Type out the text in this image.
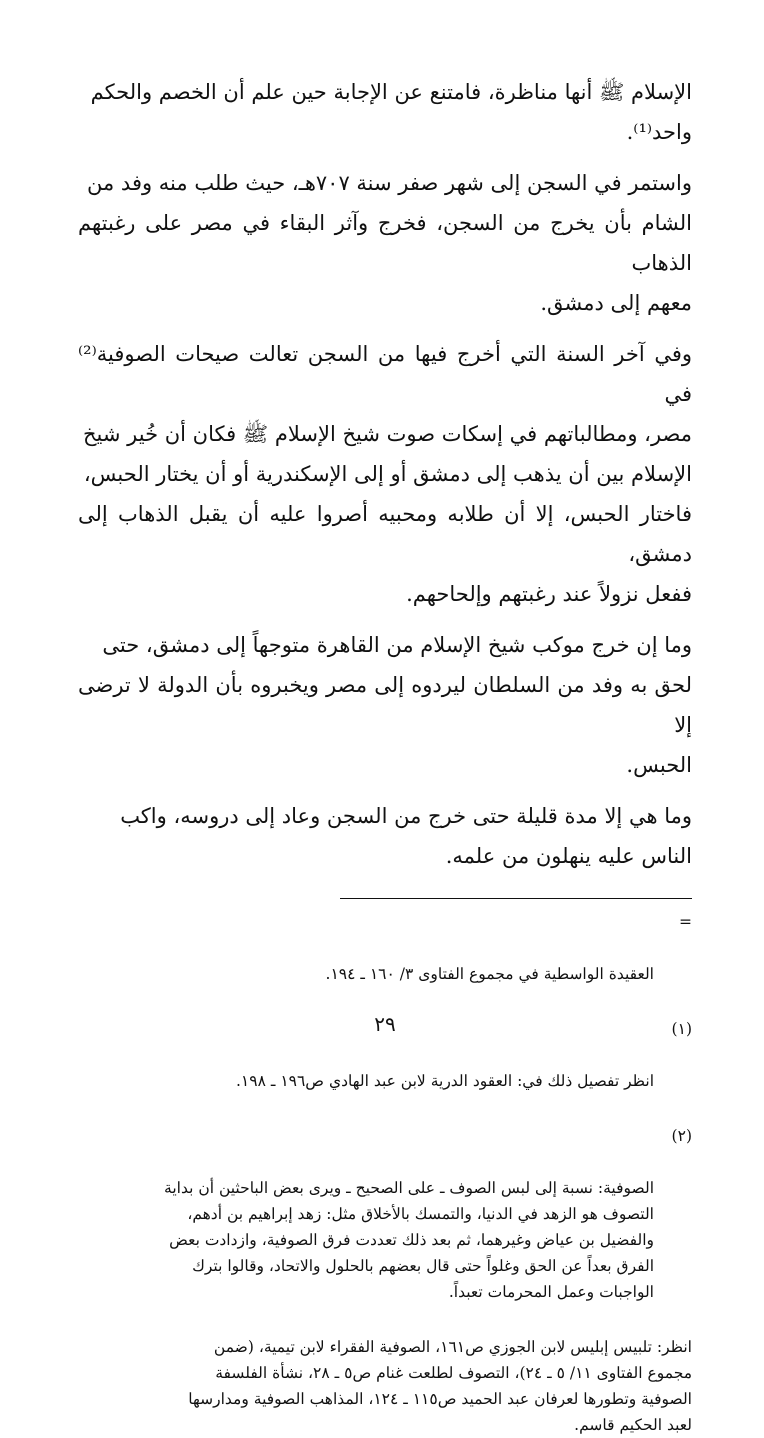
الإسلام ﷺ أنها مناظرة، فامتنع عن الإجابة حين علم أن الخصم والحكم
واحد⁽¹⁾.

واستمر في السجن إلى شهر صفر سنة ٧٠٧هـ، حيث طلب منه وفد من
الشام بأن يخرج من السجن، فخرج وآثر البقاء في مصر على رغبتهم الذهاب
معهم إلى دمشق.

وفي آخر السنة التي أخرج فيها من السجن تعالت صيحات الصوفية⁽²⁾ في
مصر، ومطالباتهم في إسكات صوت شيخ الإسلام ﷺ فكان أن خُير شيخ
الإسلام بين أن يذهب إلى دمشق أو إلى الإسكندرية أو أن يختار الحبس،
فاختار الحبس، إلا أن طلابه ومحبيه أصروا عليه أن يقبل الذهاب إلى دمشق،
ففعل نزولاً عند رغبتهم وإلحاحهم.

وما إن خرج موكب شيخ الإسلام من القاهرة متوجهاً إلى دمشق، حتى
لحق به وفد من السلطان ليردوه إلى مصر ويخبروه بأن الدولة لا ترضى إلا
الحبس.

وما هي إلا مدة قليلة حتى خرج من السجن وعاد إلى دروسه، واكب
الناس عليه ينهلون من علمه.

=

العقيدة الواسطية في مجموع الفتاوى ٣/ ١٦٠ ـ ١٩٤.

(١)

انظر تفصيل ذلك في: العقود الدرية لابن عبد الهادي ص١٩٦ ـ ١٩٨.

(٢)

الصوفية: نسبة إلى لبس الصوف ـ على الصحيح ـ ويرى بعض الباحثين أن بداية
التصوف هو الزهد في الدنيا، والتمسك بالأخلاق مثل: زهد إبراهيم بن أدهم،
والفضيل بن عياض وغيرهما، ثم بعد ذلك تعددت فرق الصوفية، وازدادت بعض
الفرق بعداً عن الحق وغلواً حتى قال بعضهم بالحلول والاتحاد، وقالوا بترك
الواجبات وعمل المحرمات تعبداً.

انظر: تلبيس إبليس لابن الجوزي ص١٦١، الصوفية الفقراء لابن تيمية، (ضمن
مجموع الفتاوى ١١/ ٥ ـ ٢٤)، التصوف لطلعت غنام ص٥ ـ ٢٨، نشأة الفلسفة
الصوفية وتطورها لعرفان عبد الحميد ص١١٥ ـ ١٢٤، المذاهب الصوفية ومدارسها
لعبد الحكيم قاسم.

٢٩
